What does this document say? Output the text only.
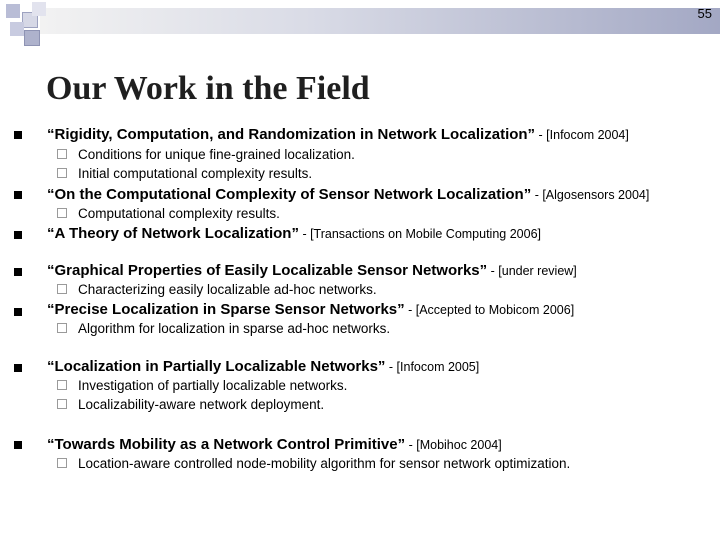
55
Our Work in the Field
“Rigidity, Computation, and Randomization in Network Localization” - [Infocom 2004]
Conditions for unique fine-grained localization.
Initial computational complexity results.
“On the Computational Complexity of Sensor Network Localization” - [Algosensors 2004]
Computational complexity results.
“A Theory of Network Localization” - [Transactions on Mobile Computing 2006]
“Graphical Properties of Easily Localizable Sensor Networks” - [under review]
Characterizing easily localizable ad-hoc networks.
“Precise Localization in Sparse Sensor Networks” - [Accepted to Mobicom 2006]
Algorithm for localization in sparse ad-hoc networks.
“Localization in Partially Localizable Networks” - [Infocom 2005]
Investigation of partially localizable networks.
Localizability-aware network deployment.
“Towards Mobility as a Network Control Primitive” - [Mobihoc 2004]
Location-aware controlled node-mobility algorithm for sensor network optimization.
